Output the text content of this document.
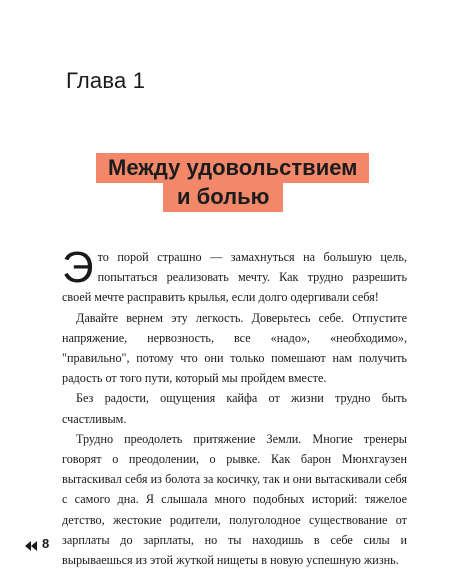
Глава 1
Между удовольствием
и болью

Это порой страшно — замахнуться на большую цель, попытаться реализовать мечту. Как трудно разрешить своей мечте расправить крылья, если долго одергивали себя!

Давайте вернем эту легкость. Доверьтесь себе. Отпустите напряжение, нервозность, все «надо», «необходимо», "правильно", потому что они только помешают нам получить радость от того пути, который мы пройдем вместе.

Без радости, ощущения кайфа от жизни трудно быть счастливым.

Трудно преодолеть притяжение Земли. Многие тренеры говорят о преодолении, о рывке. Как барон Мюнхгаузен вытаскивал себя из болота за косичку, так и они вытаскивали себя с самого дна. Я слышала много подобных историй: тяжелое детство, жестокие родители, полуголодное существование от зарплаты до зарплаты, но ты находишь в себе силы и вырываешься из этой жуткой нищеты в новую успешную жизнь.

8
